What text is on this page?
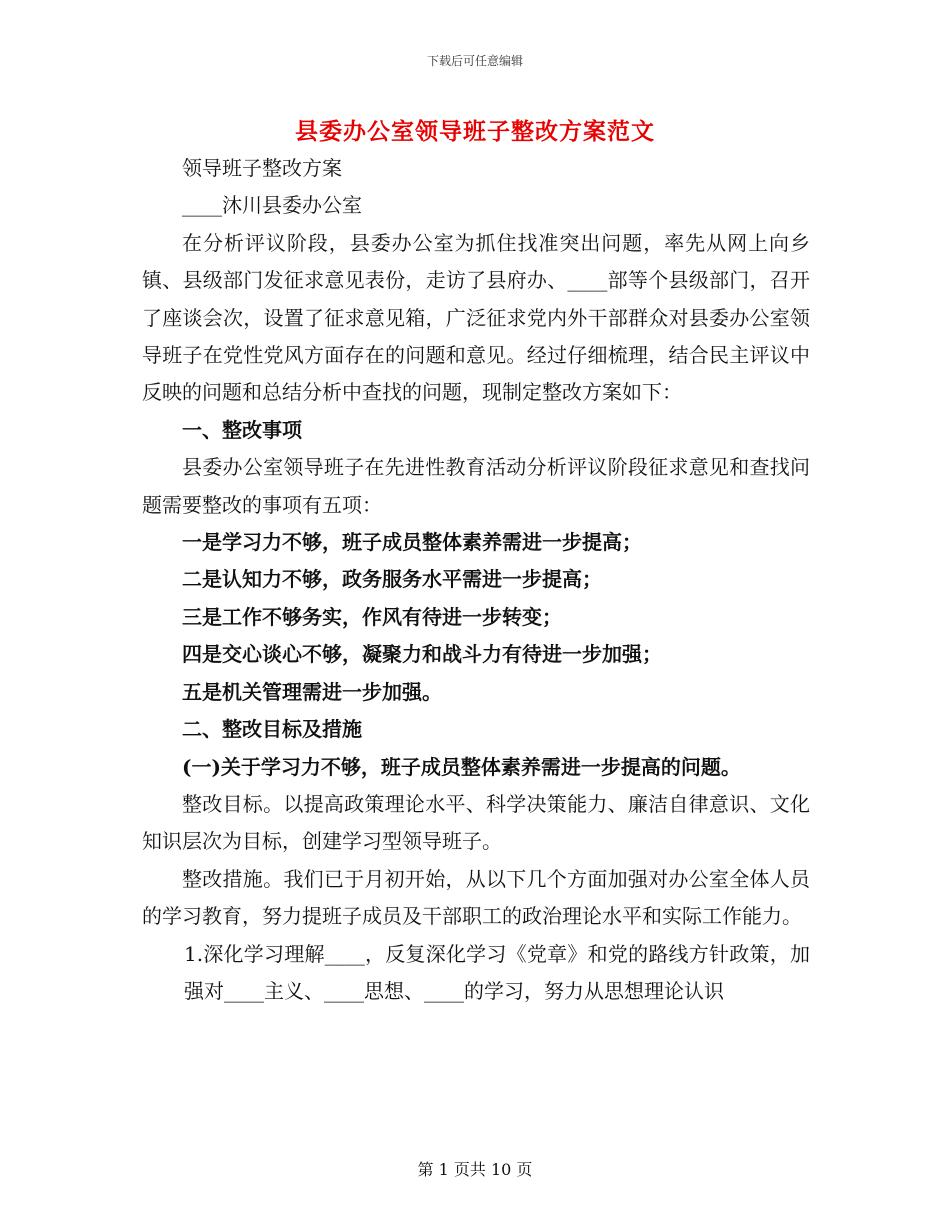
下载后可任意编辑
县委办公室领导班子整改方案范文

领导班子整改方案

____沐川县委办公室

在分析评议阶段，县委办公室为抓住找准突出问题，率先从网上向乡镇、县级部门发征求意见表份，走访了县府办、____部等个县级部门，召开了座谈会次，设置了征求意见箱，广泛征求党内外干部群众对县委办公室领导班子在党性党风方面存在的问题和意见。经过仔细梳理，结合民主评议中反映的问题和总结分析中查找的问题，现制定整改方案如下：

一、整改事项

县委办公室领导班子在先进性教育活动分析评议阶段征求意见和查找问题需要整改的事项有五项：

一是学习力不够，班子成员整体素养需进一步提高；

二是认知力不够，政务服务水平需进一步提高；

三是工作不够务实，作风有待进一步转变；

四是交心谈心不够，凝聚力和战斗力有待进一步加强；

五是机关管理需进一步加强。

二、整改目标及措施

(一)关于学习力不够，班子成员整体素养需进一步提高的问题。

整改目标。以提高政策理论水平、科学决策能力、廉洁自律意识、文化知识层次为目标，创建学习型领导班子。

整改措施。我们已于月初开始，从以下几个方面加强对办公室全体人员的学习教育，努力提班子成员及干部职工的政治理论水平和实际工作能力。

1.深化学习理解____，反复深化学习《党章》和党的路线方针政策，加强对____主义、____思想、____的学习，努力从思想理论认识

第 1 页共 10 页
